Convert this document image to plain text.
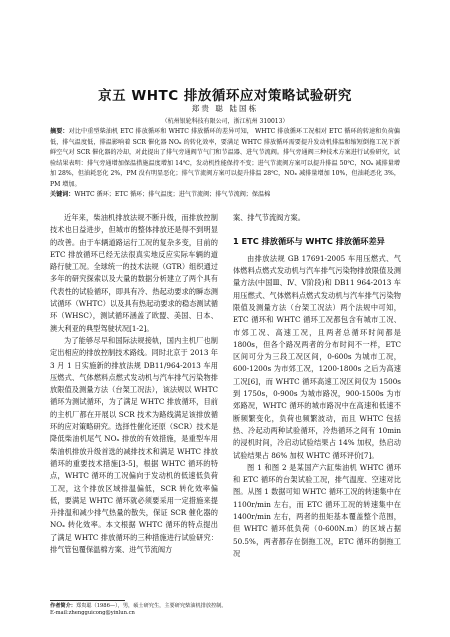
京五 WHTC 排放循环应对策略试验研究
郑贵 聪 陆国栋
（杭州银轮科技有限公司，浙江杭州 310013）
摘要：对比中重型柴油机 ETC 排放循环和 WHTC 排放循环的差异可知， WHTC 排放循环工况相对 ETC 循环的转速和负荷偏低，排气温度低，排温影响着 SCR 催化器 NOₓ 的转化效率，要满足 WHTC 排放循环需要提升发动机排温和缩短倒拖工况下新鲜空气对 SCR 催化器的冷却，对此提出了排气旁通阀节气门和节温器、进气节流阀。排气旁通阀三种技术方案进行试验研究，试验结果表明：排气旁通增加保温措施温度增加 14℃，发动机性能保持不变；进气节流阀方案可以提升排温 50℃，NOₓ 减排量增加 28%，但油耗恶化 2%，PM 没有明显恶化；排气节流阀方案可以提升排温 28℃，NOₓ 减排量增加 10%，但油耗恶化 3%，PM 增加。
关键词：WHTC 循环；ETC 循环；排气温度；进气节流阀；排气节流阀；保温棉

近年来，柴油机排放法规不断升级，而排放控制技术也日益进步，但城市的整体排放还是得不到明显的改善。由于车辆道路运行工况的复杂多变，目前的 ETC 排放循环已经无法很真实地反应实际车辆的道路行驶工况。全球统一的技术法规（GTR）组织通过多年的研究探索以及大量的数据分析建立了两个具有代表性的试验循环，即具有冷、热起动要求的瞬态测试循环（WHTC）以及具有热起动要求的稳态测试循环（WHSC），测试循环涵盖了欧盟、美国、日本、澳大利亚的典型驾驶状况[1-2]。

为了能够尽早和国际法规接轨，国内主机厂也制定出相应的排放控制技术路线。同时北京于 2013 年 3 月 1 日实施新的排放法规 DB11/964-2013 车用压燃式、气体燃料点燃式发动机与汽车排气污染物排放限值及测量方法（台架工况法），该法规以 WHTC 循环为测试循环，为了满足 WHTC 排放循环，目前的主机厂都在开展以 SCR 技术为路线满足该排放循环的应对策略研究。选择性催化还原（SCR）技术是降低柴油机尾气 NOₓ 排放的有效措施，是重型车用柴油机排放升级首选的减排技术和满足 WHTC 排放循环的重要技术措施[3-5]，根据 WHTC 循环的特点，WHTC 循环的工况偏向于发动机的低速低负荷工况，这个排放区域排温偏低，SCR 转化效率偏低，要满足 WHTC 循环就必须要采用一定措施来提升排温和减少排气热量的散失，保证 SCR 催化器的 NOₓ 转化效率。本文根据 WHTC 循环的特点提出了满足 WHTC 排放循环的三种措施进行试验研究：排气管包覆保温棉方案、进气节流阀方

案、排气节流阀方案。

1 ETC 排放循环与 WHTC 排放循环差异

由排放法规 GB 17691-2005 车用压燃式、气体燃料点燃式发动机与汽车排气污染物排放限值及测量方法(中国Ⅲ、Ⅳ、Ⅴ阶段)和 DB11 964-2013 车用压燃式、气体燃料点燃式发动机与汽车排气污染物限值及测量方法（台架工况法）两个法规中可知，ETC 循环和 WHTC 循环工况都包含有城市工况、市郊工况、高速工况，且两者总循环时间都是 1800s，但各个路况两者的分布时间不一样，ETC 区间可分为三段工况区间，0-600s 为城市工况，600-1200s 为市郊工况，1200-1800s 之后为高速工况[6]，而 WHTC 循环高速工况区间仅为 1500s 到 1750s，0-900s 为城市路况，900-1500s 为市郊路况，WHTC 循环的城市路况中在高速和低速不断频繁变化，负荷也频繁波动，而且 WHTC 包括热、冷起动两种试验循环，冷热循环之间有 10min 的浸机时间，冷启动试验结果占 14% 加权，热启动试验结果占 86% 加权 WHTC 循环评价[7]。

图 1 和图 2 是某国产六缸柴油机 WHTC 循环和 ETC 循环的台架试验工况，排气温度、空速对比图。从图 1 数据可知 WHTC 循环工况的转速集中在 1100r/min 左右，而 ETC 循环工况的转速集中在 1400r/min 左右，两者的扭矩基本覆盖整个范围，但 WHTC 循环低负荷（0-600N.m）的区域占据 50.5%，两者都存在倒拖工况，ETC 循环的倒拖工况

作者简介：郑贵聪（1986—），男，硕士研究生，主要研究柴油机排放控制。
E-mail:zhengguicong@yinlun.cn
